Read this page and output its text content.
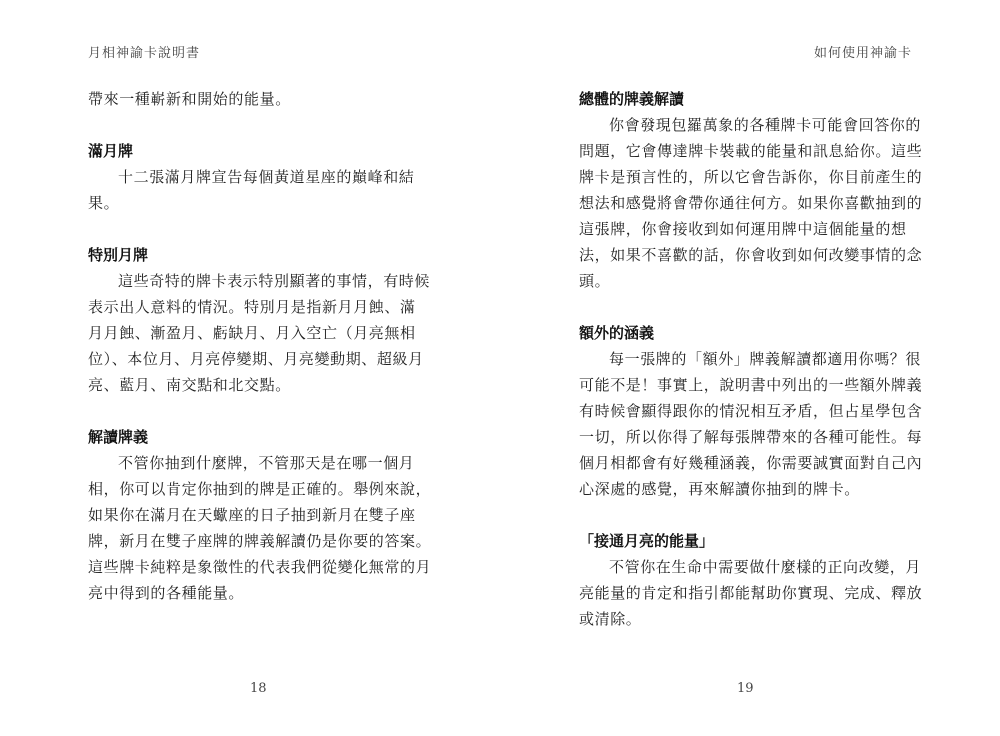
月相神諭卡說明書

帶來一種嶄新和開始的能量。

滿月牌

十二張滿月牌宣告每個黃道星座的巔峰和結
果。

特別月牌

這些奇特的牌卡表示特別顯著的事情，有時候
表示出人意料的情況。特別月是指新月月蝕、滿
月月蝕、漸盈月、虧缺月、月入空亡（月亮無相
位）、本位月、月亮停變期、月亮變動期、超級月
亮、藍月、南交點和北交點。

解讀牌義

不管你抽到什麼牌，不管那天是在哪一個月
相，你可以肯定你抽到的牌是正確的。舉例來說，
如果你在滿月在天蠍座的日子抽到新月在雙子座
牌，新月在雙子座牌的牌義解讀仍是你要的答案。
這些牌卡純粹是象徵性的代表我們從變化無常的月
亮中得到的各種能量。

18
如何使用神諭卡
總體的牌義解讀

你會發現包羅萬象的各種牌卡可能會回答你的
問題，它會傳達牌卡裝載的能量和訊息給你。這些
牌卡是預言性的，所以它會告訴你，你目前產生的
想法和感覺將會帶你通往何方。如果你喜歡抽到的
這張牌，你會接收到如何運用牌中這個能量的想
法，如果不喜歡的話，你會收到如何改變事情的念
頭。

額外的涵義

每一張牌的「額外」牌義解讀都適用你嗎？很
可能不是！事實上，說明書中列出的一些額外牌義
有時候會顯得跟你的情況相互矛盾，但占星學包含
一切，所以你得了解每張牌帶來的各種可能性。每
個月相都會有好幾種涵義，你需要誠實面對自己內
心深處的感覺，再來解讀你抽到的牌卡。

「接通月亮的能量」

不管你在生命中需要做什麼樣的正向改變，月
亮能量的肯定和指引都能幫助你實現、完成、釋放
或清除。

19
